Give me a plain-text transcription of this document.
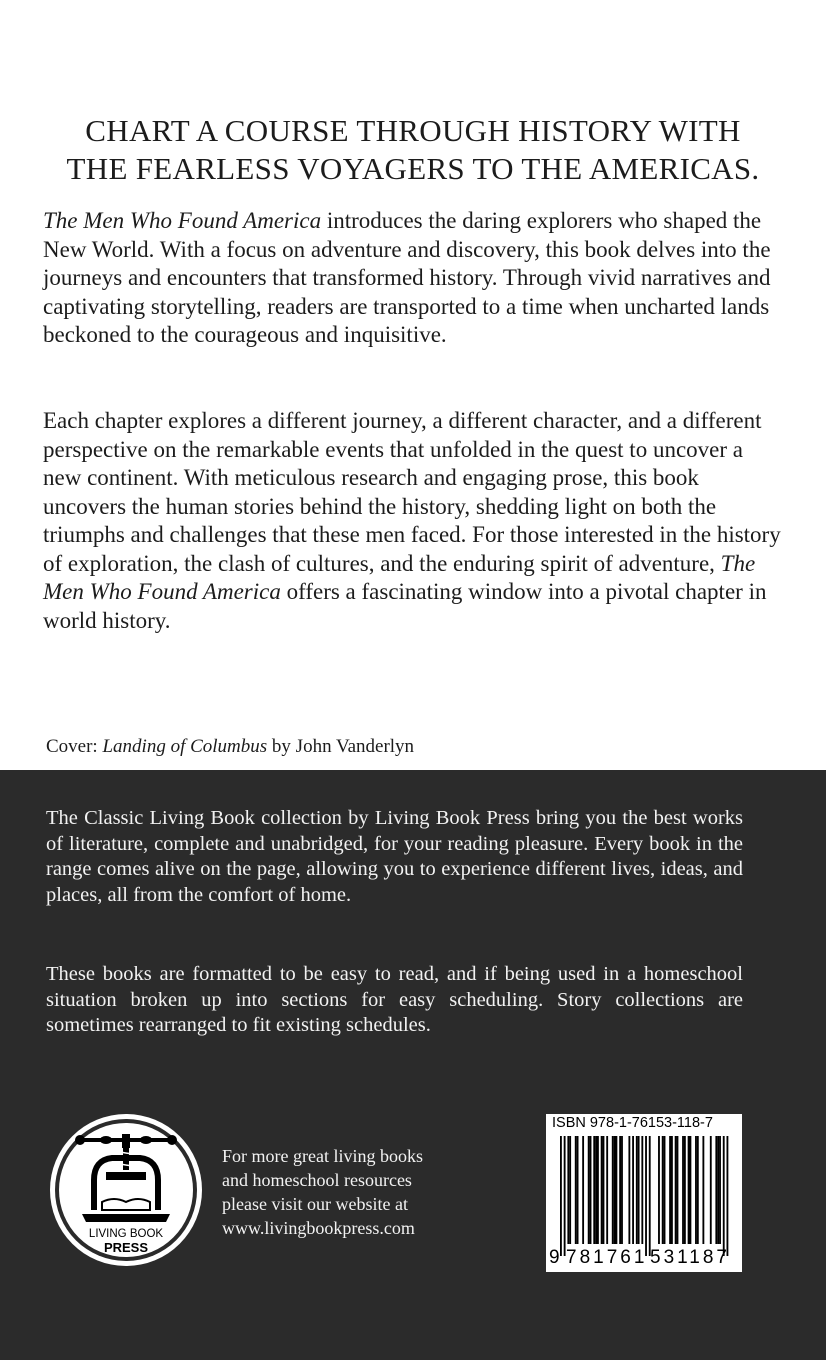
CHART A COURSE THROUGH HISTORY WITH
THE FEARLESS VOYAGERS TO THE AMERICAS.

The Men Who Found America introduces the daring explorers who shaped the New World. With a focus on adventure and discovery, this book delves into the journeys and encounters that transformed history. Through vivid narratives and captivating storytelling, readers are transported to a time when uncharted lands beckoned to the courageous and inquisitive.

Each chapter explores a different journey, a different character, and a different perspective on the remarkable events that unfolded in the quest to uncover a new continent. With meticulous research and engaging prose, this book uncovers the human stories behind the history, shedding light on both the triumphs and challenges that these men faced. For those interested in the history of exploration, the clash of cultures, and the enduring spirit of adventure, The Men Who Found America offers a fascinating window into a pivotal chapter in world history.

Cover: Landing of Columbus by John Vanderlyn

The Classic Living Book collection by Living Book Press bring you the best works of literature, complete and unabridged, for your reading pleasure. Every book in the range comes alive on the page, allowing you to experience different lives, ideas, and places, all from the comfort of home.

These books are formatted to be easy to read, and if being used in a homeschool situation broken up into sections for easy scheduling. Story collections are sometimes rearranged to fit existing schedules.

LIVING BOOK
PRESS

For more great living books
and homeschool resources
please visit our website at
www.livingbookpress.com

ISBN 978-1-76153-118-7
9 781761 531187
